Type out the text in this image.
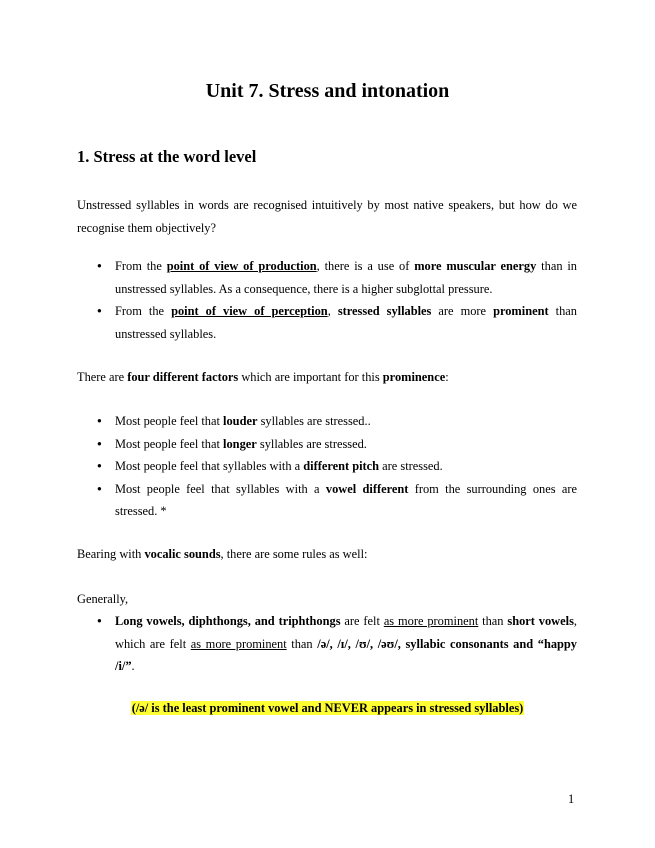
Unit 7. Stress and intonation
1. Stress at the word level

Unstressed syllables in words are recognised intuitively by most native speakers, but how do we recognise them objectively?

● From the point of view of production, there is a use of more muscular energy than in unstressed syllables. As a consequence, there is a higher subglottal pressure.
● From the point of view of perception, stressed syllables are more prominent than unstressed syllables.

There are four different factors which are important for this prominence:

● Most people feel that louder syllables are stressed..
● Most people feel that longer syllables are stressed.
● Most people feel that syllables with a different pitch are stressed.
● Most people feel that syllables with a vowel different from the surrounding ones are stressed. *

Bearing with vocalic sounds, there are some rules as well:

Generally,

● Long vowels, diphthongs, and triphthongs are felt as more prominent than short vowels, which are felt as more prominent than /ə/, /ɪ/, /ʊ/, /əʊ/, syllabic consonants and “happy /i/”.

(/ə/ is the least prominent vowel and NEVER appears in stressed syllables)

1
